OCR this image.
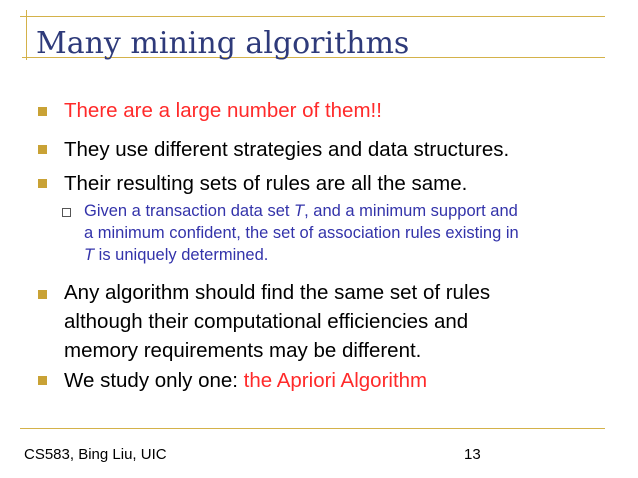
Many mining algorithms
There are a large number of them!!
They use different strategies and data structures.
Their resulting sets of rules are all the same.
Given a transaction data set T, and a minimum support and
a minimum confident, the set of association rules existing in
T is uniquely determined.
Any algorithm should find the same set of rules
although their computational efficiencies and
memory requirements may be different.
We study only one: the Apriori Algorithm
CS583, Bing Liu, UIC	13
